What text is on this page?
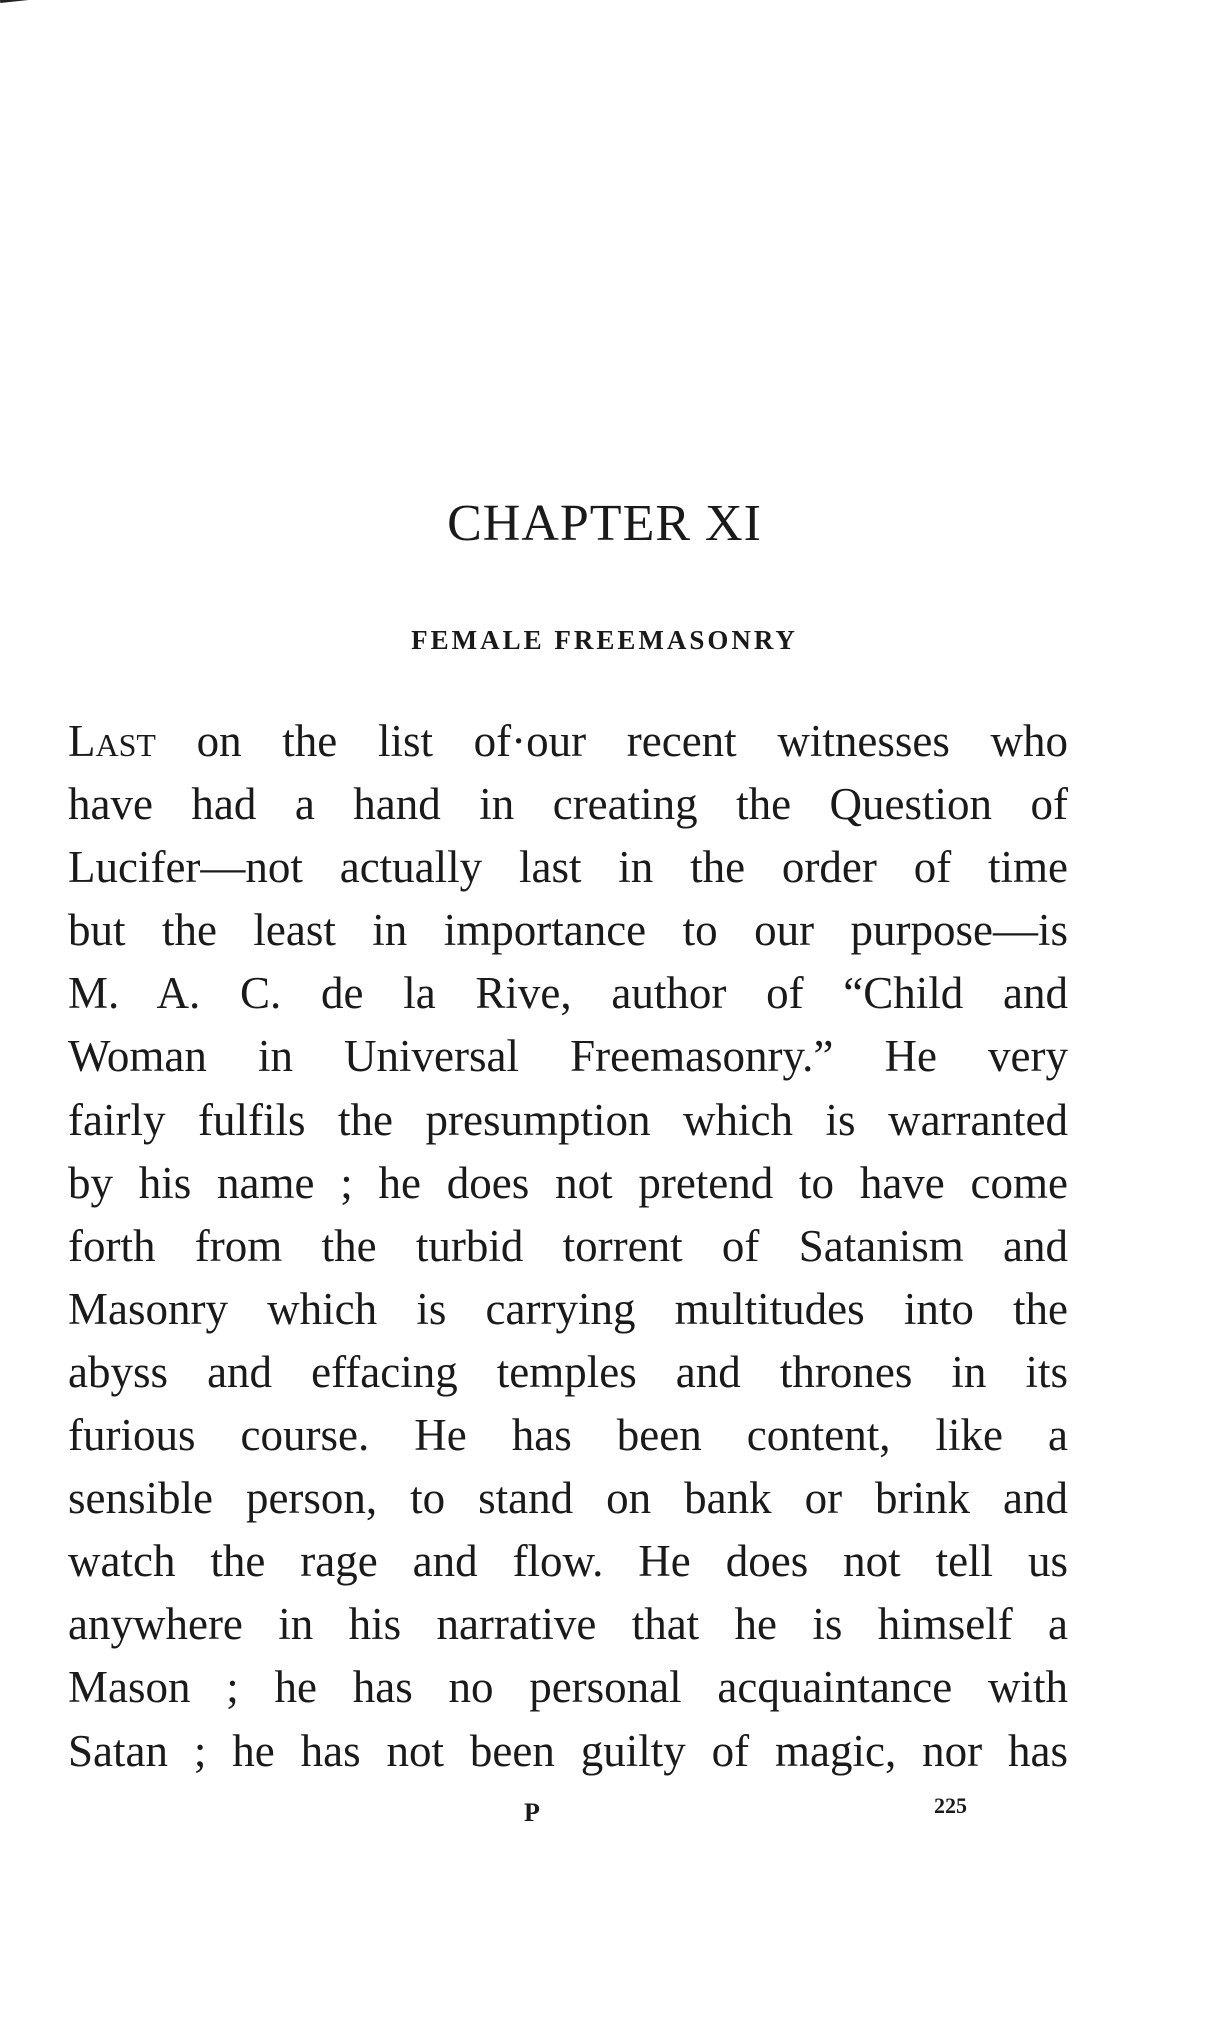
CHAPTER XI
FEMALE FREEMASONRY
Last on the list of·our recent witnesses who
have had a hand in creating the Question of
Lucifer—not actually last in the order of time
but the least in importance to our purpose—is
M. A. C. de la Rive, author of “Child and
Woman in Universal Freemasonry.” He very
fairly fulfils the presumption which is warranted
by his name ; he does not pretend to have come
forth from the turbid torrent of Satanism and
Masonry which is carrying multitudes into the
abyss and effacing temples and thrones in its
furious course. He has been content, like a
sensible person, to stand on bank or brink and
watch the rage and flow. He does not tell us
anywhere in his narrative that he is himself a
Mason ; he has no personal acquaintance with
Satan ; he has not been guilty of magic, nor has
P	225
